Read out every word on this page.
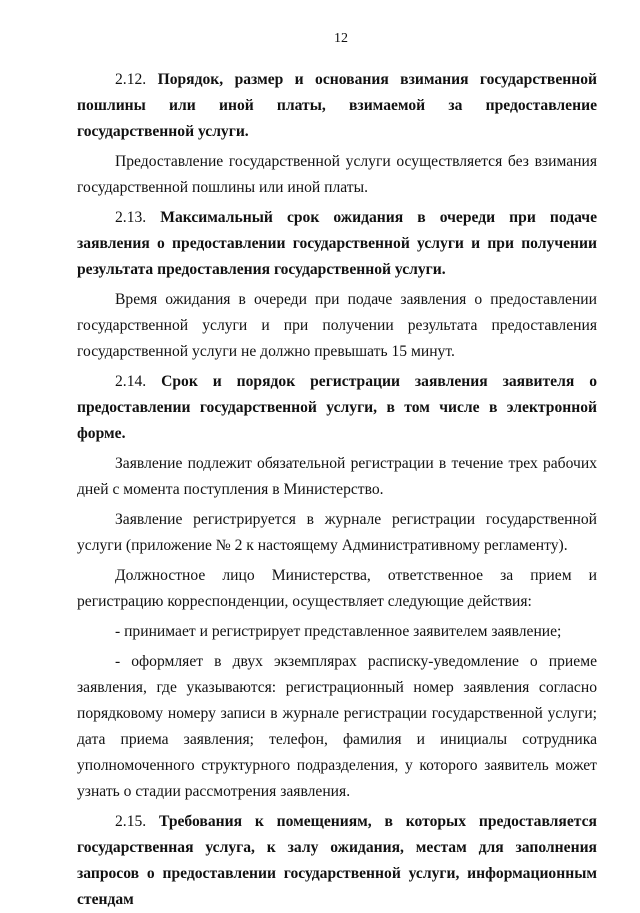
12

2.12. Порядок, размер и основания взимания государственной пошлины или иной платы, взимаемой за предоставление государственной услуги.

Предоставление государственной услуги осуществляется без взимания государственной пошлины или иной платы.

2.13. Максимальный срок ожидания в очереди при подаче заявления о предоставлении государственной услуги и при получении результата предоставления государственной услуги.

Время ожидания в очереди при подаче заявления о предоставлении государственной услуги и при получении результата предоставления государственной услуги не должно превышать 15 минут.

2.14. Срок и порядок регистрации заявления заявителя о предоставлении государственной услуги, в том числе в электронной форме.

Заявление подлежит обязательной регистрации в течение трех рабочих дней с момента поступления в Министерство.

Заявление регистрируется в журнале регистрации государственной услуги (приложение № 2 к настоящему Административному регламенту).

Должностное лицо Министерства, ответственное за прием и регистрацию корреспонденции, осуществляет следующие действия:

- принимает и регистрирует представленное заявителем заявление;

- оформляет в двух экземплярах расписку-уведомление о приеме заявления, где указываются: регистрационный номер заявления согласно порядковому номеру записи в журнале регистрации государственной услуги; дата приема заявления; телефон, фамилия и инициалы сотрудника уполномоченного структурного подразделения, у которого заявитель может узнать о стадии рассмотрения заявления.

2.15. Требования к помещениям, в которых предоставляется государственная услуга, к залу ожидания, местам для заполнения запросов о предоставлении государственной услуги, информационным стендам
